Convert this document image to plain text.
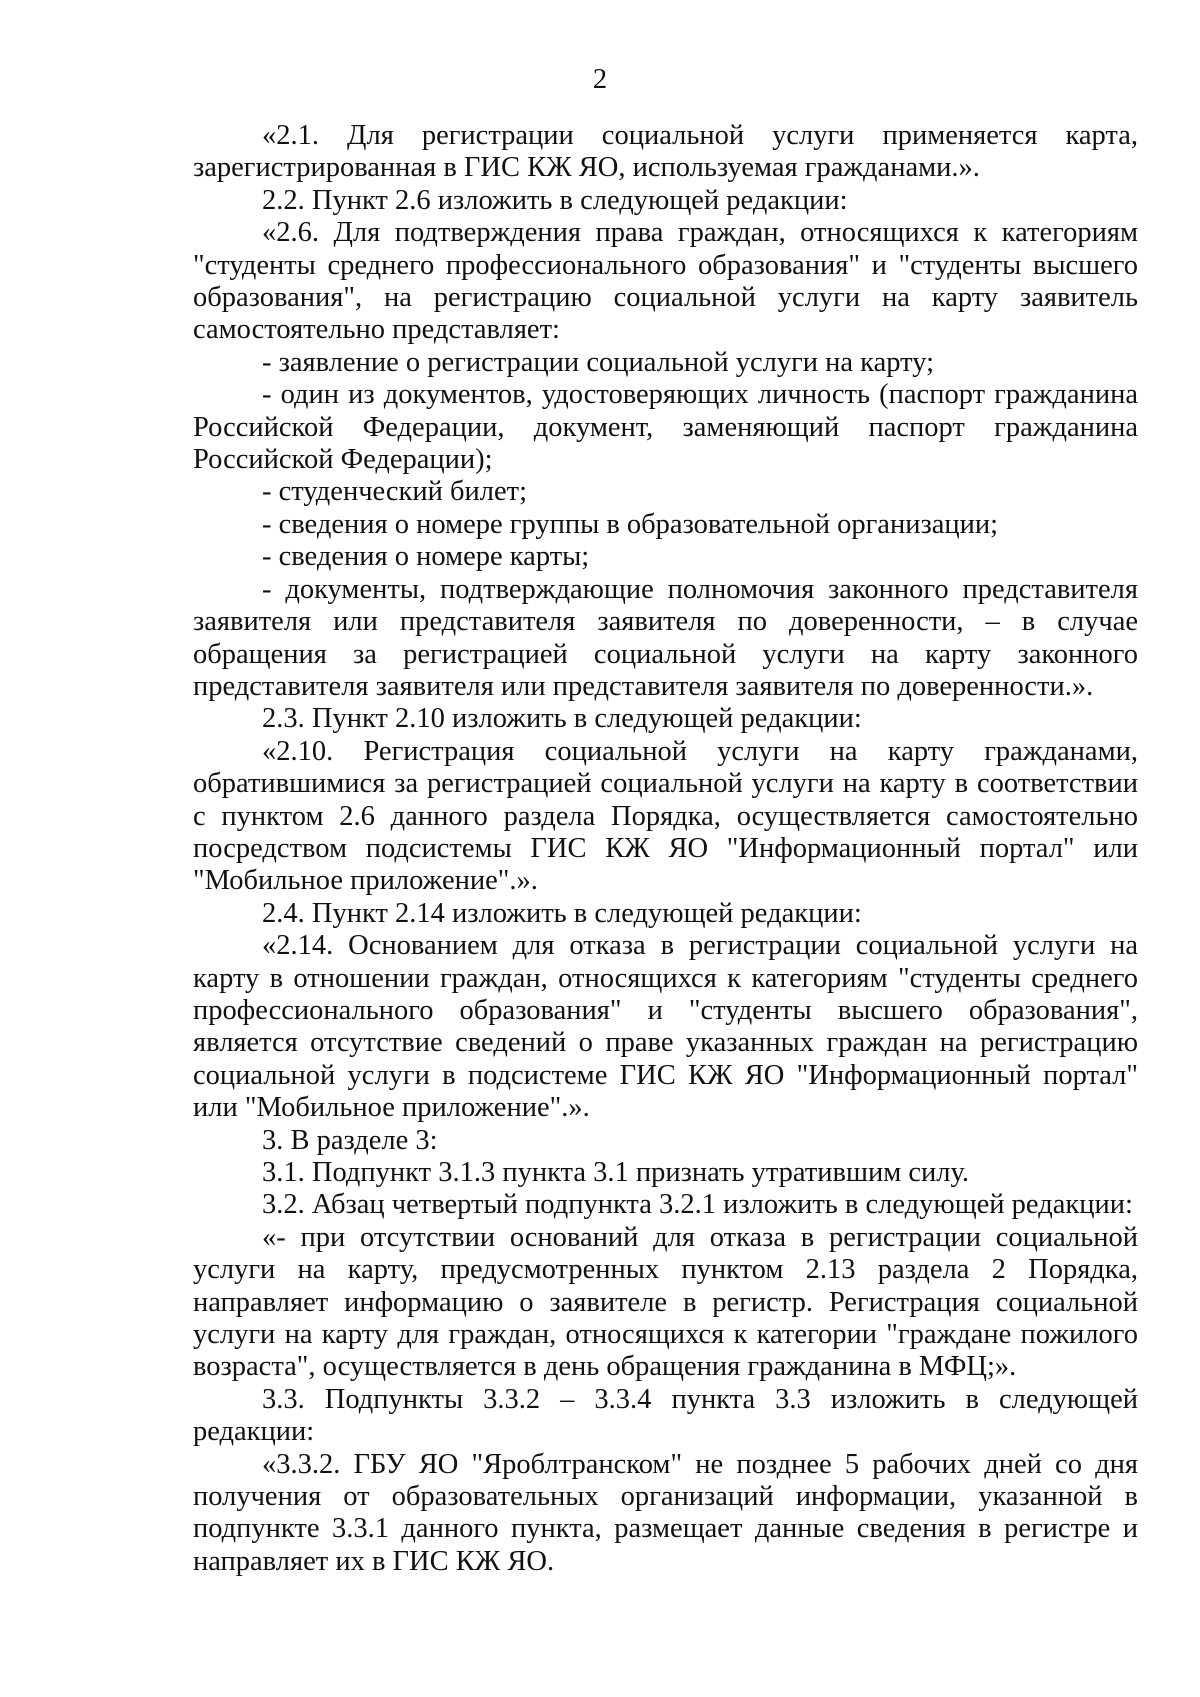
2

«2.1. Для регистрации социальной услуги применяется карта, зарегистрированная в ГИС КЖ ЯО, используемая гражданами.».

2.2. Пункт 2.6 изложить в следующей редакции:

«2.6. Для подтверждения права граждан, относящихся к категориям "студенты среднего профессионального образования" и "студенты высшего образования", на регистрацию социальной услуги на карту заявитель самостоятельно представляет:

- заявление о регистрации социальной услуги на карту;

- один из документов, удостоверяющих личность (паспорт гражданина Российской Федерации, документ, заменяющий паспорт гражданина Российской Федерации);

- студенческий билет;

- сведения о номере группы в образовательной организации;

- сведения о номере карты;

- документы, подтверждающие полномочия законного представителя заявителя или представителя заявителя по доверенности, – в случае обращения за регистрацией социальной услуги на карту законного представителя заявителя или представителя заявителя по доверенности.».

2.3. Пункт 2.10 изложить в следующей редакции:

«2.10. Регистрация социальной услуги на карту гражданами, обратившимися за регистрацией социальной услуги на карту в соответствии с пунктом 2.6 данного раздела Порядка, осуществляется самостоятельно посредством подсистемы ГИС КЖ ЯО "Информационный портал" или "Мобильное приложение".».

2.4. Пункт 2.14 изложить в следующей редакции:

«2.14. Основанием для отказа в регистрации социальной услуги на карту в отношении граждан, относящихся к категориям "студенты среднего профессионального образования" и "студенты высшего образования", является отсутствие сведений о праве указанных граждан на регистрацию социальной услуги в подсистеме ГИС КЖ ЯО "Информационный портал" или "Мобильное приложение".».

3. В разделе 3:

3.1. Подпункт 3.1.3 пункта 3.1 признать утратившим силу.

3.2. Абзац четвертый подпункта 3.2.1 изложить в следующей редакции:

«- при отсутствии оснований для отказа в регистрации социальной услуги на карту, предусмотренных пунктом 2.13 раздела 2 Порядка, направляет информацию о заявителе в регистр. Регистрация социальной услуги на карту для граждан, относящихся к категории "граждане пожилого возраста", осуществляется в день обращения гражданина в МФЦ;».

3.3. Подпункты 3.3.2 – 3.3.4 пункта 3.3 изложить в следующей редакции:

«3.3.2. ГБУ ЯО "Яроблтранском" не позднее 5 рабочих дней со дня получения от образовательных организаций информации, указанной в подпункте 3.3.1 данного пункта, размещает данные сведения в регистре и направляет их в ГИС КЖ ЯО.
